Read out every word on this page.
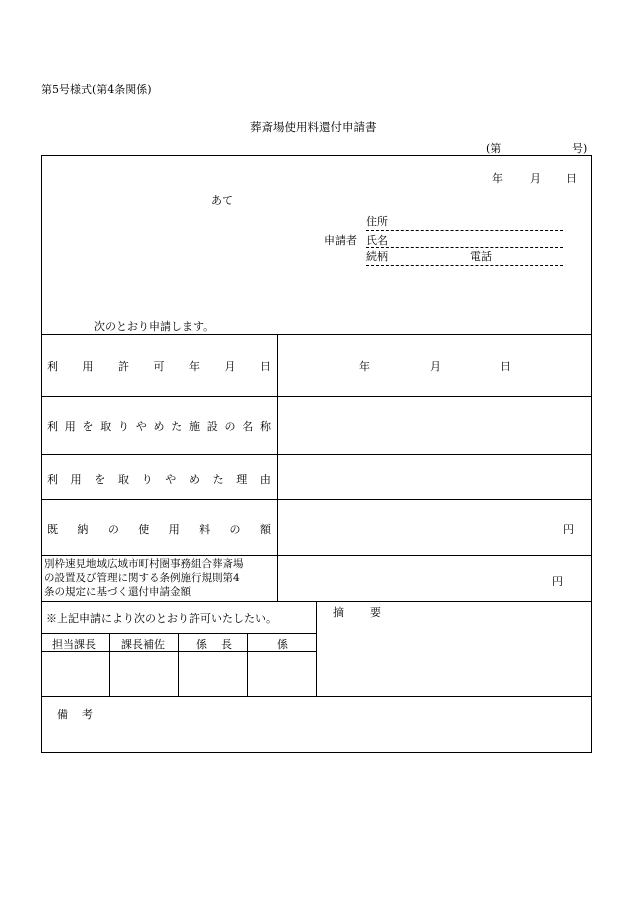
第5号様式(第4条関係)
葬斎場使用料還付申請書
(第	号)
年 月 日
あて
住所
申請者 氏名
続柄	電話
次のとおり申請します。
利 用 許 可 年 月 日	年	月	日
利 用 を 取 り や め た 施 設 の 名 称
利 用 を 取 り や め た 理 由
既 納 の 使 用 料 の 額	円
別枠速見地域広域市町村圏事務組合葬斎場
の設置及び管理に関する条例施行規則第4
条の規定に基づく還付申請金額
円
※上記申請により次のとおり許可いたしたい。	摘 要
担当課長 課長補佐	係 長	係
備 考
